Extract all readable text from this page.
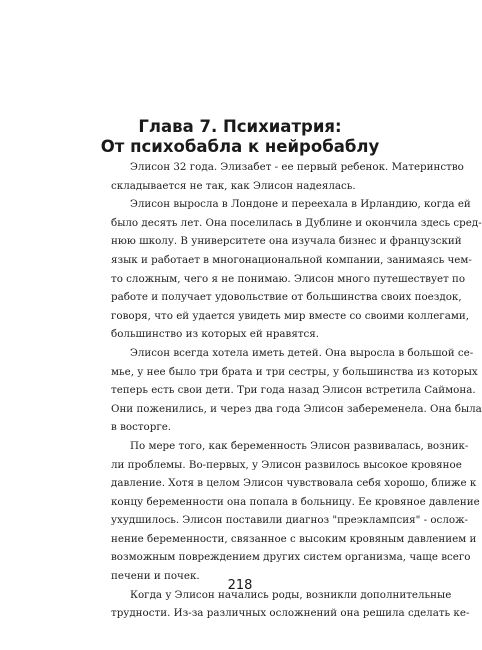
Глава 7. Психиатрия:
От психобабла к нейробаблу
Элисон 32 года. Элизабет - ее первый ребенок. Материнство
складывается не так, как Элисон надеялась.
Элисон выросла в Лондоне и переехала в Ирландию, когда ей
было десять лет. Она поселилась в Дублине и окончила здесь сред-
нюю школу. В университете она изучала бизнес и французский
язык и работает в многонациональной компании, занимаясь чем-
то сложным, чего я не понимаю. Элисон много путешествует по
работе и получает удовольствие от большинства своих поездок,
говоря, что ей удается увидеть мир вместе со своими коллегами,
большинство из которых ей нравятся.
Элисон всегда хотела иметь детей. Она выросла в большой се-
мье, у нее было три брата и три сестры, у большинства из которых
теперь есть свои дети. Три года назад Элисон встретила Саймона.
Они поженились, и через два года Элисон забеременела. Она была
в восторге.
По мере того, как беременность Элисон развивалась, возник-
ли проблемы. Во-первых, у Элисон развилось высокое кровяное
давление. Хотя в целом Элисон чувствовала себя хорошо, ближе к
концу беременности она попала в больницу. Ее кровяное давление
ухудшилось. Элисон поставили диагноз "преэклампсия" - ослож-
нение беременности, связанное с высоким кровяным давлением и
возможным повреждением других систем организма, чаще всего
печени и почек.
Когда у Элисон начались роды, возникли дополнительные
трудности. Из-за различных осложнений она решила сделать ке-
218
